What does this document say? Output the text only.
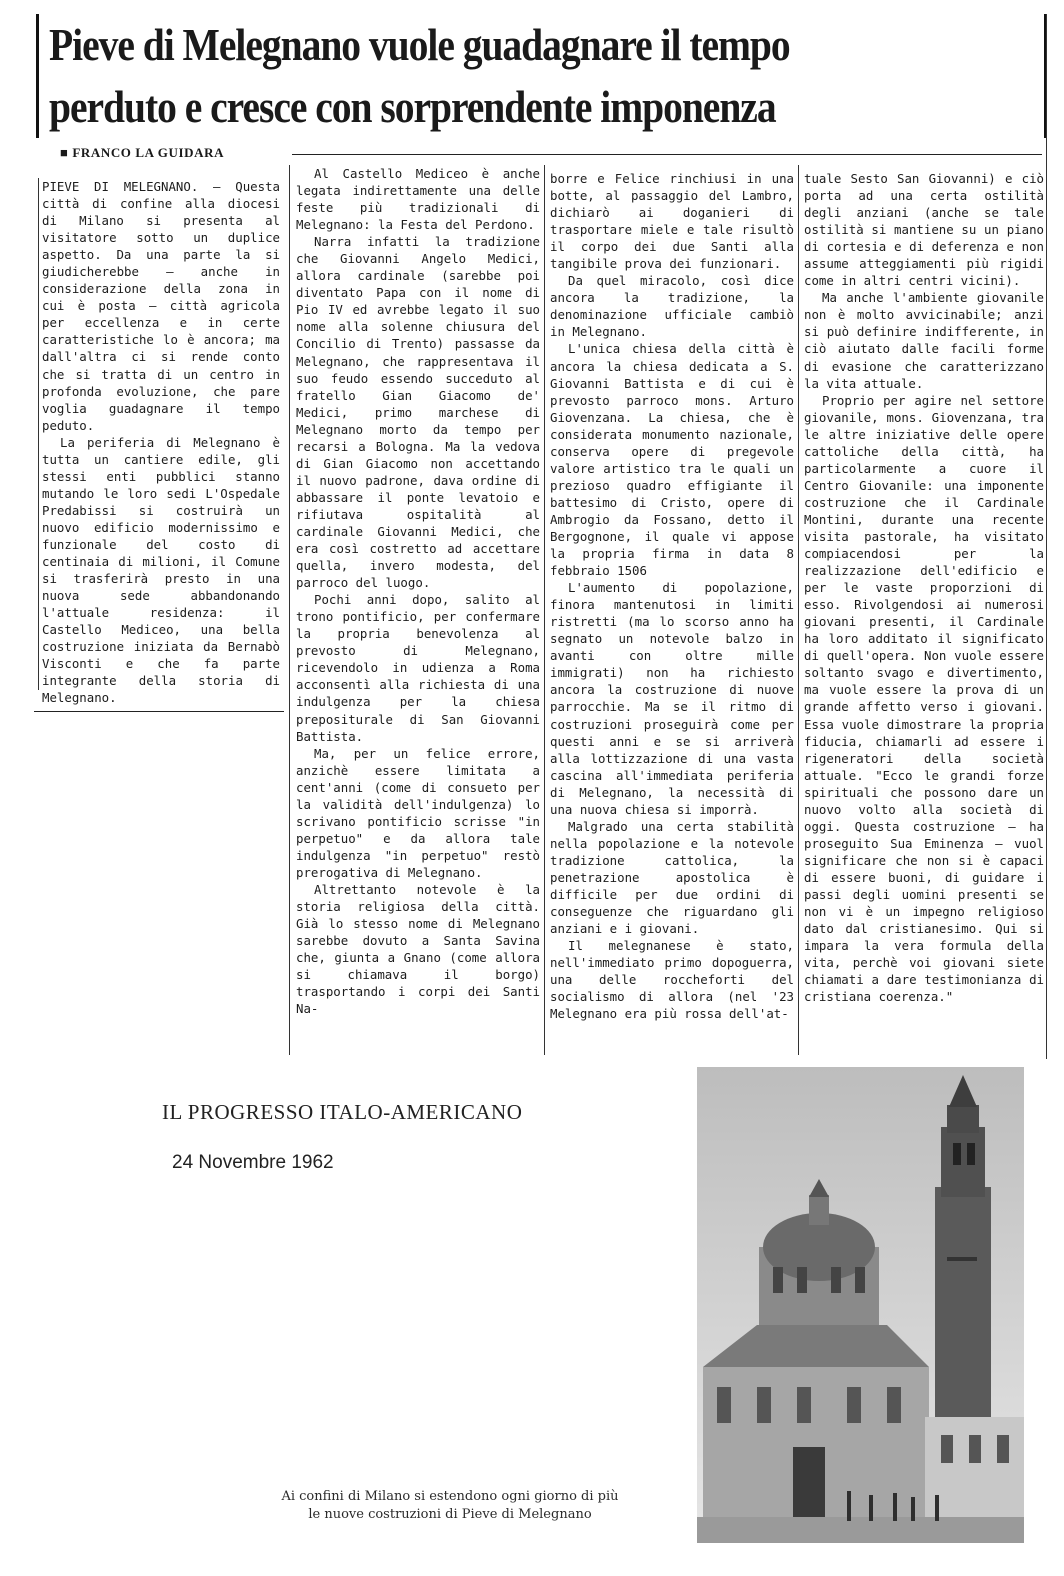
Pieve di Melegnano vuole guadagnare il tempo
perduto e cresce con sorprendente imponenza
■ FRANCO LA GUIDARA

PIEVE DI MELEGNANO. — Questa città di confine alla diocesi di Milano si presenta al visitatore sotto un duplice aspetto. Da una parte la si giudicherebbe — anche in considerazione della zona in cui è posta — città agricola per eccellenza e in certe caratteristiche lo è ancora; ma dall'altra ci si rende conto che si tratta di un centro in profonda evoluzione, che pare voglia guadagnare il tempo peduto.

La periferia di Melegnano è tutta un cantiere edile, gli stessi enti pubblici stanno mutando le loro sedi L'Ospedale Predabissi si costruirà un nuovo edificio modernissimo e funzionale del costo di centinaia di milioni, il Comune si trasferirà presto in una nuova sede abbandonando l'attuale residenza: il Castello Mediceo, una bella costruzione iniziata da Bernabò Visconti e che fa parte integrante della storia di Melegnano.

Al Castello Mediceo è anche legata indirettamente una delle feste più tradizionali di Melegnano: la Festa del Perdono.

Narra infatti la tradizione che Giovanni Angelo Medici, allora cardinale (sarebbe poi diventato Papa con il nome di Pio IV ed avrebbe legato il suo nome alla solenne chiusura del Concilio di Trento) passasse da Melegnano, che rappresentava il suo feudo essendo succeduto al fratello Gian Giacomo de' Medici, primo marchese di Melegnano morto da tempo per recarsi a Bologna. Ma la vedova di Gian Giacomo non accettando il nuovo padrone, dava ordine di abbassare il ponte levatoio e rifiutava ospitalità al cardinale Giovanni Medici, che era così costretto ad accettare quella, invero modesta, del parroco del luogo.

Pochi anni dopo, salito al trono pontificio, per confermare la propria benevolenza al prevosto di Melegnano, ricevendolo in udienza a Roma acconsentì alla richiesta di una indulgenza per la chiesa prepositurale di San Giovanni Battista.

Ma, per un felice errore, anzichè essere limitata a cent'anni (come di consueto per la validità dell'indulgenza) lo scrivano pontificio scrisse "in perpetuo" e da allora tale indulgenza "in perpetuo" restò prerogativa di Melegnano.

Altrettanto notevole è la storia religiosa della città. Già lo stesso nome di Melegnano sarebbe dovuto a Santa Savina che, giunta a Gnano (come allora si chiamava il borgo) trasportando i corpi dei Santi Na-

borre e Felice rinchiusi in una botte, al passaggio del Lambro, dichiarò ai doganieri di trasportare miele e tale risultò il corpo dei due Santi alla tangibile prova dei funzionari.

Da quel miracolo, così dice ancora la tradizione, la denominazione ufficiale cambiò in Melegnano.

L'unica chiesa della città è ancora la chiesa dedicata a S. Giovanni Battista e di cui è prevosto parroco mons. Arturo Giovenzana. La chiesa, che è considerata monumento nazionale, conserva opere di pregevole valore artistico tra le quali un prezioso quadro effigiante il battesimo di Cristo, opere di Ambrogio da Fossano, detto il Bergognone, il quale vi appose la propria firma in data 8 febbraio 1506

L'aumento di popolazione, finora mantenutosi in limiti ristretti (ma lo scorso anno ha segnato un notevole balzo in avanti con oltre mille immigrati) non ha richiesto ancora la costruzione di nuove parrocchie. Ma se il ritmo di costruzioni proseguirà come per questi anni e se si arriverà alla lottizzazione di una vasta cascina all'immediata periferia di Melegnano, la necessità di una nuova chiesa si imporrà.

Malgrado una certa stabilità nella popolazione e la notevole tradizione cattolica, la penetrazione apostolica è difficile per due ordini di conseguenze che riguardano gli anziani e i giovani.

Il melegnanese è stato, nell'immediato primo dopoguerra, una delle roccheforti del socialismo di allora (nel '23 Melegnano era più rossa dell'at-

tuale Sesto San Giovanni) e ciò porta ad una certa ostilità degli anziani (anche se tale ostilità si mantiene su un piano di cortesia e di deferenza e non assume atteggiamenti più rigidi come in altri centri vicini).

Ma anche l'ambiente giovanile non è molto avvicinabile; anzi si può definire indifferente, in ciò aiutato dalle facili forme di evasione che caratterizzano la vita attuale.

Proprio per agire nel settore giovanile, mons. Giovenzana, tra le altre iniziative delle opere cattoliche della città, ha particolarmente a cuore il Centro Giovanile: una imponente costruzione che il Cardinale Montini, durante una recente visita pastorale, ha visitato compiacendosi per la realizzazione dell'edificio e per le vaste proporzioni di esso. Rivolgendosi ai numerosi giovani presenti, il Cardinale ha loro additato il significato di quell'opera. Non vuole essere soltanto svago e divertimento, ma vuole essere la prova di un grande affetto verso i giovani. Essa vuole dimostrare la propria fiducia, chiamarli ad essere i rigeneratori della società attuale. "Ecco le grandi forze spirituali che possono dare un nuovo volto alla società di oggi. Questa costruzione — ha proseguito Sua Eminenza — vuol significare che non si è capaci di essere buoni, di guidare i passi degli uomini presenti se non vi è un impegno religioso dato dal cristianesimo. Qui si impara la vera formula della vita, perchè voi giovani siete chiamati a dare testimonianza di cristiana coerenza."

IL PROGRESSO ITALO-AMERICANO
24 Novembre 1962
Ai confini di Milano si estendono ogni giorno di più
le nuove costruzioni di Pieve di Melegnano
